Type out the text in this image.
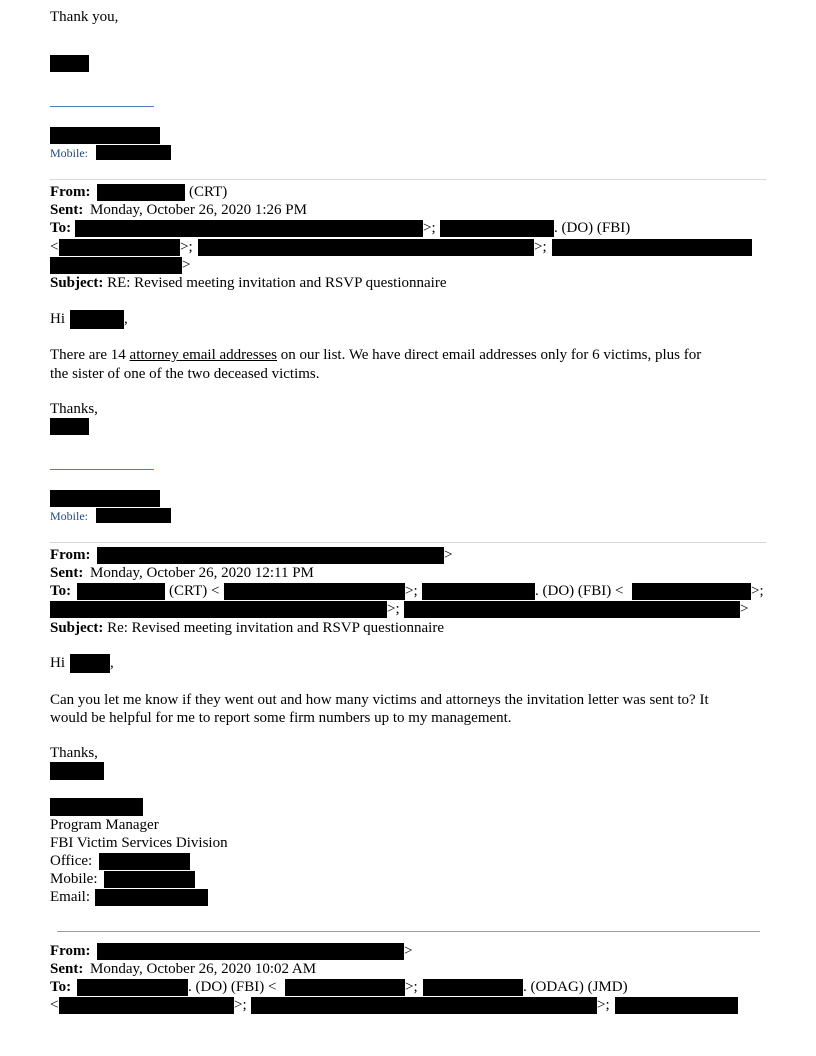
Thank you,
Mobile:
From:	(CRT)
Sent: Monday, October 26, 2020 1:26 PM
To:	>;	. (DO) (FBI)
<	>;	>;
>
Subject: RE: Revised meeting invitation and RSVP questionnaire
Hi	,
There are 14 attorney email addresses on our list. We have direct email addresses only for 6 victims, plus for
the sister of one of the two deceased victims.
Thanks,
Mobile:
From:	>
Sent: Monday, October 26, 2020 12:11 PM
To:	(CRT) <	>;	. (DO) (FBI) <	>;
>;	>
Subject: Re: Revised meeting invitation and RSVP questionnaire
Hi	,
Can you let me know if they went out and how many victims and attorneys the invitation letter was sent to? It
would be helpful for me to report some firm numbers up to my management.
Thanks,
Program Manager
FBI Victim Services Division
Office:
Mobile:
Email:
From:	>
Sent: Monday, October 26, 2020 10:02 AM
To:	. (DO) (FBI) <	>;	. (ODAG) (JMD)
<	>;	>;
